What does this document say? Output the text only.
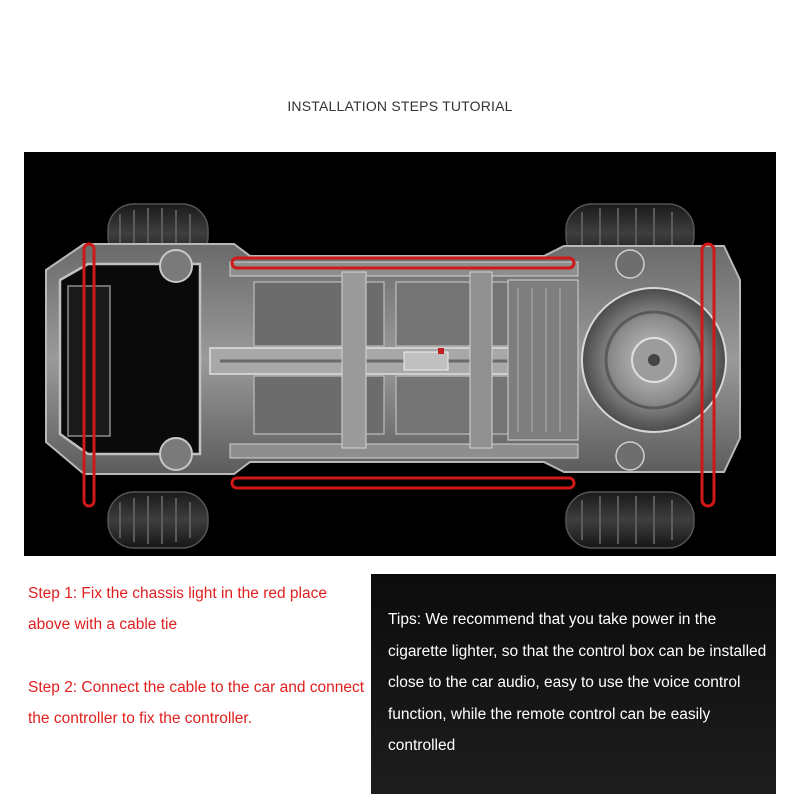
INSTALLATION STEPS TUTORIAL

Step 1: Fix the chassis light in the red place above with a cable tie

Step 2: Connect the cable to the car and connect the controller to fix the controller.

Tips: We recommend that you take power in the cigarette lighter, so that the control box can be installed close to the car audio, easy to use the voice control function, while the remote control can be easily controlled
